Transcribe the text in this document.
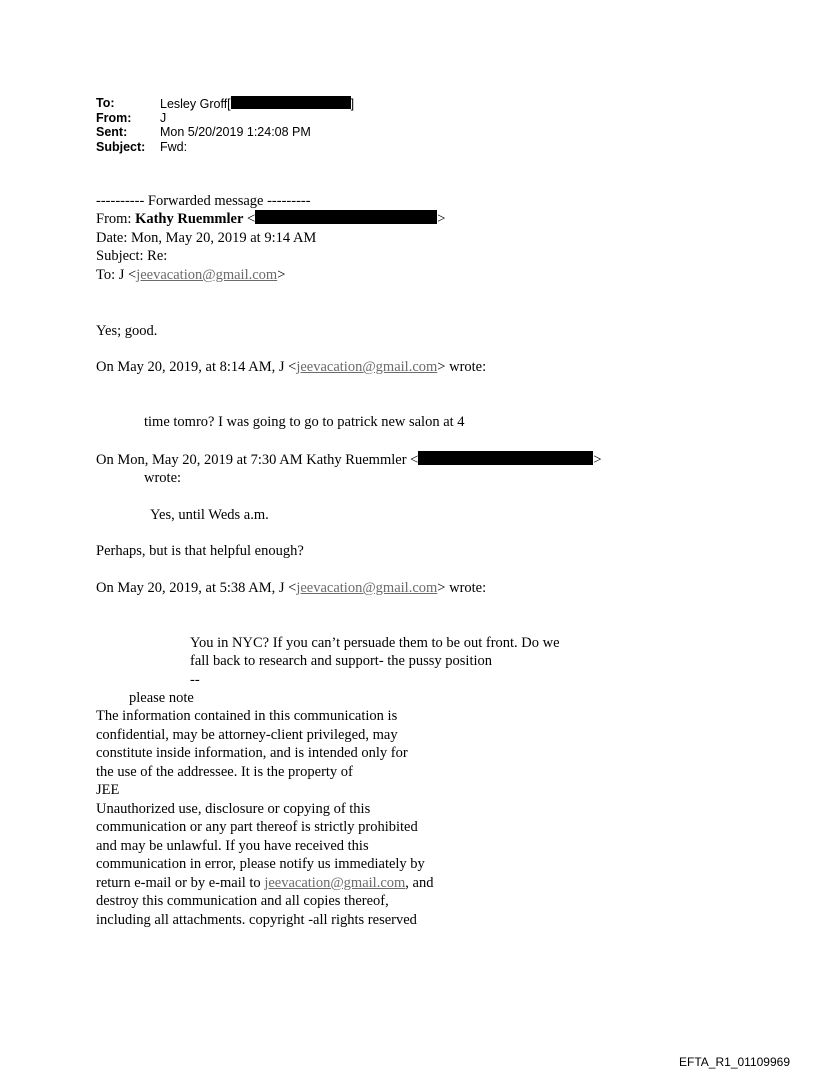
To:	Lesley Groff[	]
From:	J
Sent:	Mon 5/20/2019 1:24:08 PM
Subject:	Fwd:
---------- Forwarded message ---------
From: Kathy Ruemmler <	>
Date: Mon, May 20, 2019 at 9:14 AM
Subject: Re:
To: J <jeevacation@gmail.com>
Yes; good.
On May 20, 2019, at 8:14 AM, J <jeevacation@gmail.com> wrote:
time tomro? I was going to go to patrick new salon at 4
On Mon, May 20, 2019 at 7:30 AM Kathy Ruemmler <	>
wrote:
Yes, until Weds a.m.
Perhaps, but is that helpful enough?
On May 20, 2019, at 5:38 AM, J <jeevacation@gmail.com> wrote:
You in NYC? If you can’t persuade them to be out front. Do we
fall back to research and support- the pussy position
--
please note
The information contained in this communication is
confidential, may be attorney-client privileged, may
constitute inside information, and is intended only for
the use of the addressee. It is the property of
JEE
Unauthorized use, disclosure or copying of this
communication or any part thereof is strictly prohibited
and may be unlawful. If you have received this
communication in error, please notify us immediately by
return e-mail or by e-mail to jeevacation@gmail.com, and
destroy this communication and all copies thereof,
including all attachments. copyright -all rights reserved
EFTA_R1_01109969
